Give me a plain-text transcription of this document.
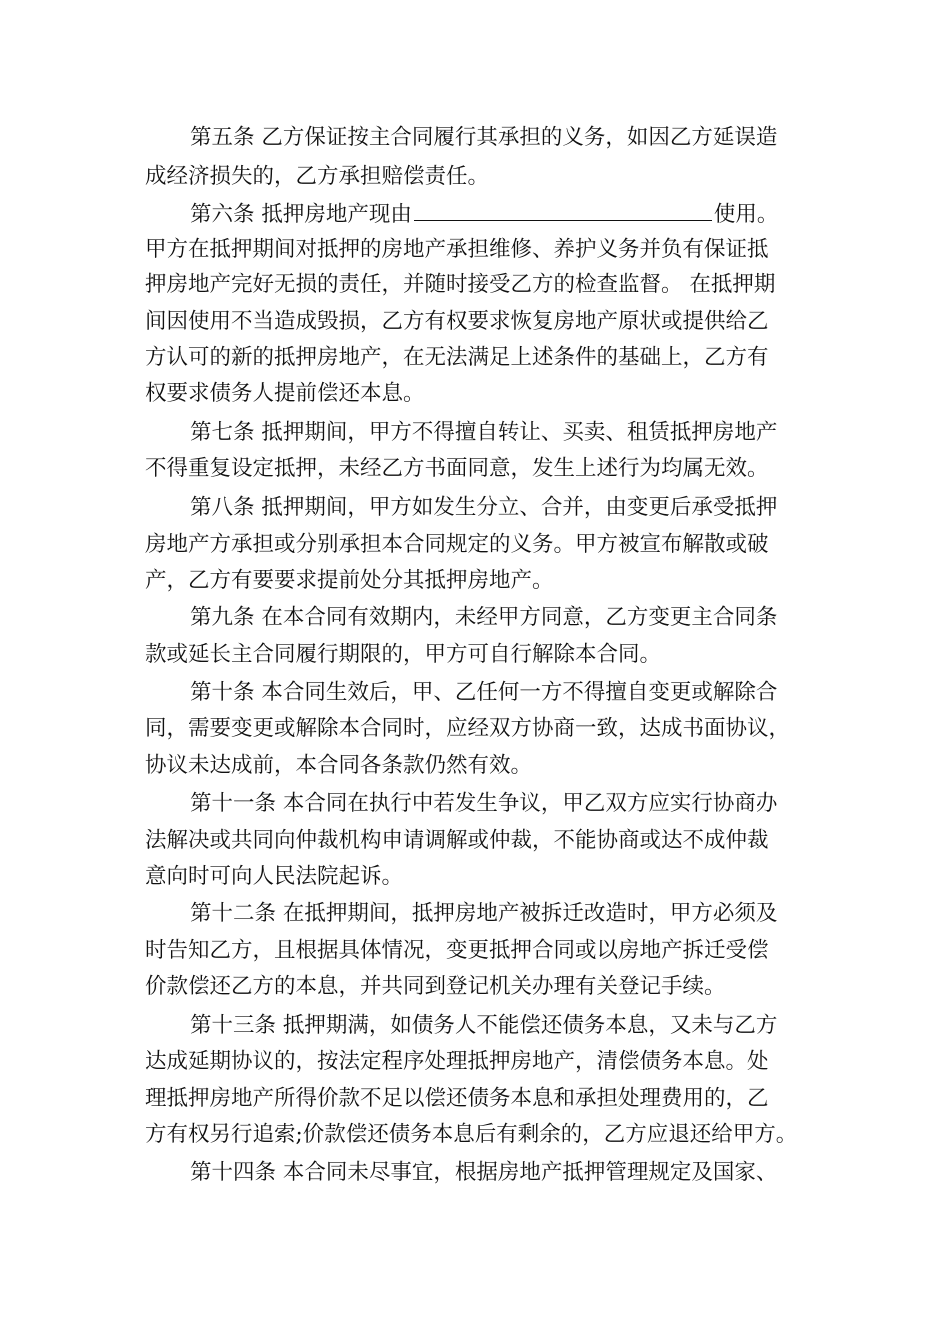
第五条 乙方保证按主合同履行其承担的义务，如因乙方延误造
成经济损失的，乙方承担赔偿责任。
第六条 抵押房地产现由	使用。
甲方在抵押期间对抵押的房地产承担维修、养护义务并负有保证抵
押房地产完好无损的责任，并随时接受乙方的检查监督。 在抵押期
间因使用不当造成毁损，乙方有权要求恢复房地产原状或提供给乙
方认可的新的抵押房地产，在无法满足上述条件的基础上，乙方有
权要求债务人提前偿还本息。
第七条 抵押期间，甲方不得擅自转让、买卖、租赁抵押房地产
不得重复设定抵押，未经乙方书面同意，发生上述行为均属无效。
第八条 抵押期间，甲方如发生分立、合并，由变更后承受抵押
房地产方承担或分别承担本合同规定的义务。甲方被宣布解散或破
产，乙方有要要求提前处分其抵押房地产。
第九条 在本合同有效期内，未经甲方同意，乙方变更主合同条
款或延长主合同履行期限的，甲方可自行解除本合同。
第十条 本合同生效后，甲、乙任何一方不得擅自变更或解除合
同，需要变更或解除本合同时，应经双方协商一致，达成书面协议，
协议未达成前，本合同各条款仍然有效。
第十一条 本合同在执行中若发生争议，甲乙双方应实行协商办
法解决或共同向仲裁机构申请调解或仲裁，不能协商或达不成仲裁
意向时可向人民法院起诉。
第十二条 在抵押期间，抵押房地产被拆迁改造时，甲方必须及
时告知乙方，且根据具体情况，变更抵押合同或以房地产拆迁受偿
价款偿还乙方的本息，并共同到登记机关办理有关登记手续。
第十三条 抵押期满，如债务人不能偿还债务本息，又未与乙方
达成延期协议的，按法定程序处理抵押房地产，清偿债务本息。处
理抵押房地产所得价款不足以偿还债务本息和承担处理费用的，乙
方有权另行追索;价款偿还债务本息后有剩余的，乙方应退还给甲方。
第十四条 本合同未尽事宜，根据房地产抵押管理规定及国家、
